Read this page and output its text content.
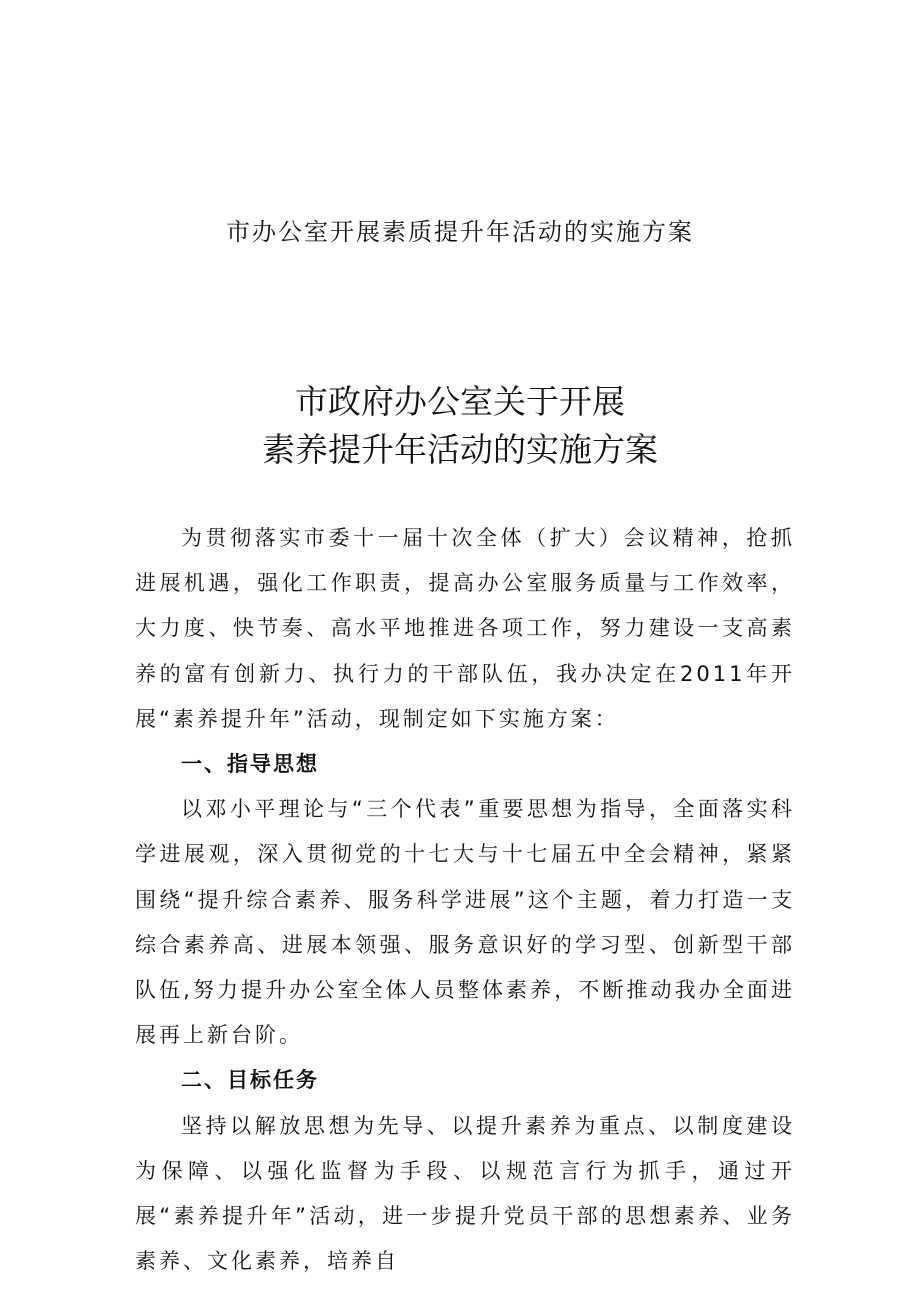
市办公室开展素质提升年活动的实施方案
市政府办公室关于开展
素养提升年活动的实施方案

为贯彻落实市委十一届十次全体（扩大）会议精神，抢抓进展机遇，强化工作职责，提高办公室服务质量与工作效率，大力度、快节奏、高水平地推进各项工作，努力建设一支高素养的富有创新力、执行力的干部队伍，我办决定在2011年开展“素养提升年”活动，现制定如下实施方案：

一、指导思想

以邓小平理论与“三个代表”重要思想为指导，全面落实科学进展观，深入贯彻党的十七大与十七届五中全会精神，紧紧围绕“提升综合素养、服务科学进展”这个主题，着力打造一支综合素养高、进展本领强、服务意识好的学习型、创新型干部队伍,努力提升办公室全体人员整体素养，不断推动我办全面进展再上新台阶。

二、目标任务

坚持以解放思想为先导、以提升素养为重点、以制度建设为保障、以强化监督为手段、以规范言行为抓手，通过开展“素养提升年”活动，进一步提升党员干部的思想素养、业务素养、文化素养，培养自
